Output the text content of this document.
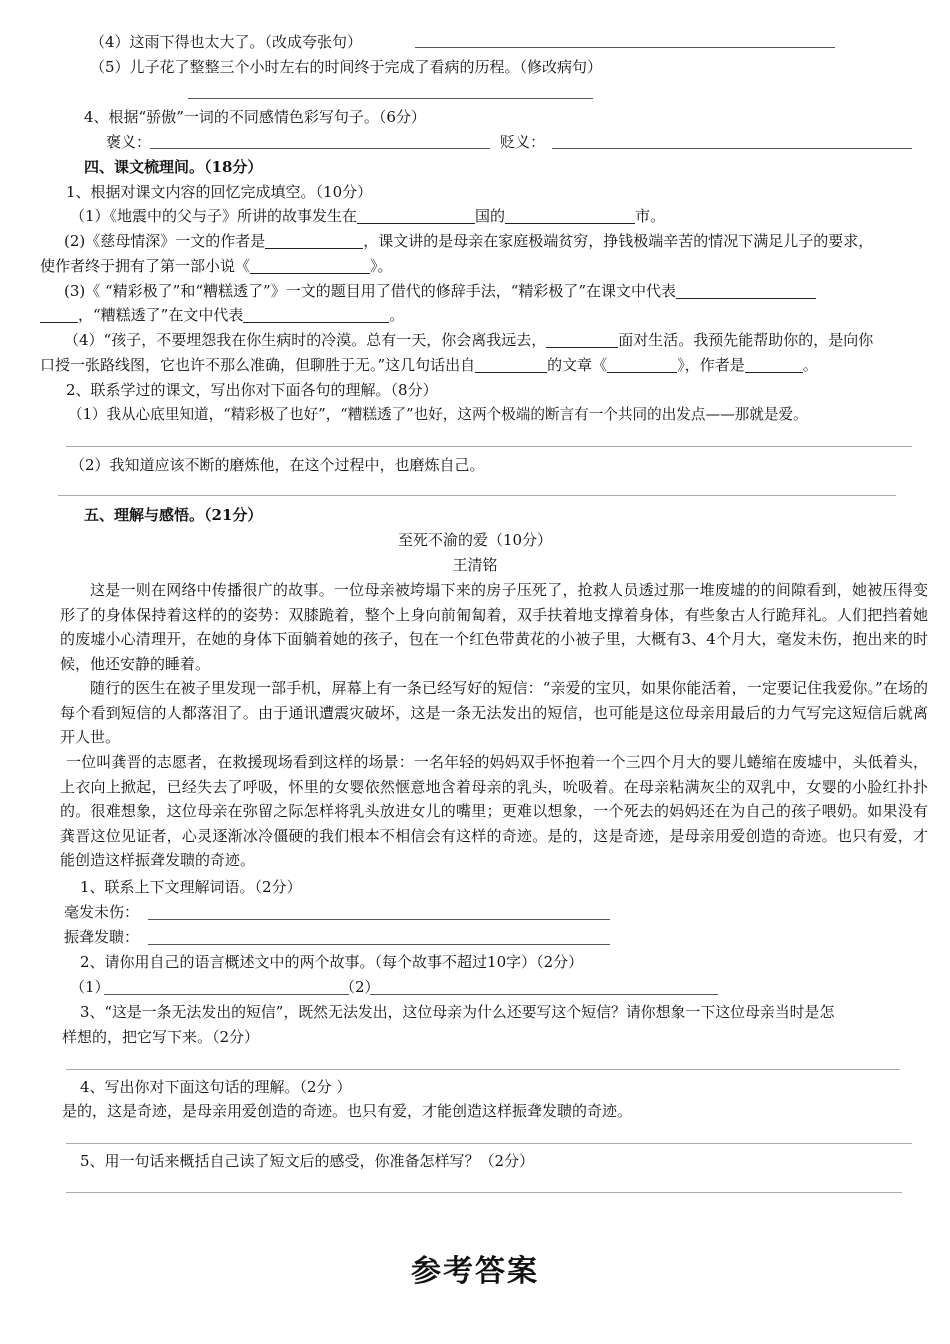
（4）这雨下得也太大了。（改成夸张句）
（5）儿子花了整整三个小时左右的时间终于完成了看病的历程。（修改病句）
4、根据“骄傲”一词的不同感情色彩写句子。（6分）
褒义：	贬义：
四、课文梳理间。（18分）
1、根据对课文内容的回忆完成填空。（10分）
（1）《地震中的父与子》所讲的故事发生在	国的	市。
(2)《慈母情深》一文的作者是	，课文讲的是母亲在家庭极端贫穷，挣钱极端辛苦的情况下满足儿子的要求，
使作者终于拥有了第一部小说《	》。
(3)《 “精彩极了”和“糟糕透了”》一文的题目用了借代的修辞手法，“精彩极了”在课文中代表
，“糟糕透了”在文中代表	。
（4）“孩子，不要埋怨我在你生病时的冷漠。总有一天，你会离我远去，	面对生活。我预先能帮助你的，是向你
口授一张路线图，它也许不那么准确，但聊胜于无。”这几句话出自	的文章《	》，作者是	。
2、联系学过的课文，写出你对下面各句的理解。（8分）
（1）我从心底里知道，“精彩极了也好”，“糟糕透了”也好，这两个极端的断言有一个共同的出发点——那就是爱。
（2）我知道应该不断的磨炼他，在这个过程中，也磨炼自己。
五、理解与感悟。（21分）
至死不渝的爱（10分）
王清铭
这是一则在网络中传播很广的故事。一位母亲被垮塌下来的房子压死了，抢救人员透过那一堆废墟的的间隙看到，她被压得变形了的身体保持着这样的的姿势：双膝跪着，整个上身向前匍匐着，双手扶着地支撑着身体，有些象古人行跪拜礼。人们把挡着她的废墟小心清理开，在她的身体下面躺着她的孩子，包在一个红色带黄花的小被子里，大概有3、4个月大，毫发未伤，抱出来的时候，他还安静的睡着。
随行的医生在被子里发现一部手机，屏幕上有一条已经写好的短信：“亲爱的宝贝，如果你能活着，一定要记住我爱你。”在场的每个看到短信的人都落泪了。由于通讯遭震灾破坏，这是一条无法发出的短信，也可能是这位母亲用最后的力气写完这短信后就离开人世。
一位叫龚晋的志愿者，在救援现场看到这样的场景：一名年轻的妈妈双手怀抱着一个三四个月大的婴儿蜷缩在废墟中，头低着头，上衣向上掀起，已经失去了呼吸，怀里的女婴依然惬意地含着母亲的乳头，吮吸着。在母亲粘满灰尘的双乳中，女婴的小脸红扑扑的。很难想象，这位母亲在弥留之际怎样将乳头放进女儿的嘴里；更难以想象，一个死去的妈妈还在为自己的孩子喂奶。如果没有龚晋这位见证者，心灵逐渐冰冷僵硬的我们根本不相信会有这样的奇迹。是的，这是奇迹，是母亲用爱创造的奇迹。也只有爱，才能创造这样振聋发聩的奇迹。
1、联系上下文理解词语。（2分）
毫发未伤：
振聋发聩：
2、请你用自己的语言概述文中的两个故事。（每个故事不超过10字）（2分）
（1）	（2）
3、“这是一条无法发出的短信”，既然无法发出，这位母亲为什么还要写这个短信？请你想象一下这位母亲当时是怎
样想的，把它写下来。（2分）
4、写出你对下面这句话的理解。（2分 ）
是的，这是奇迹，是母亲用爱创造的奇迹。也只有爱，才能创造这样振聋发聩的奇迹。
5、用一句话来概括自己读了短文后的感受，你准备怎样写？（2分）
参考答案
